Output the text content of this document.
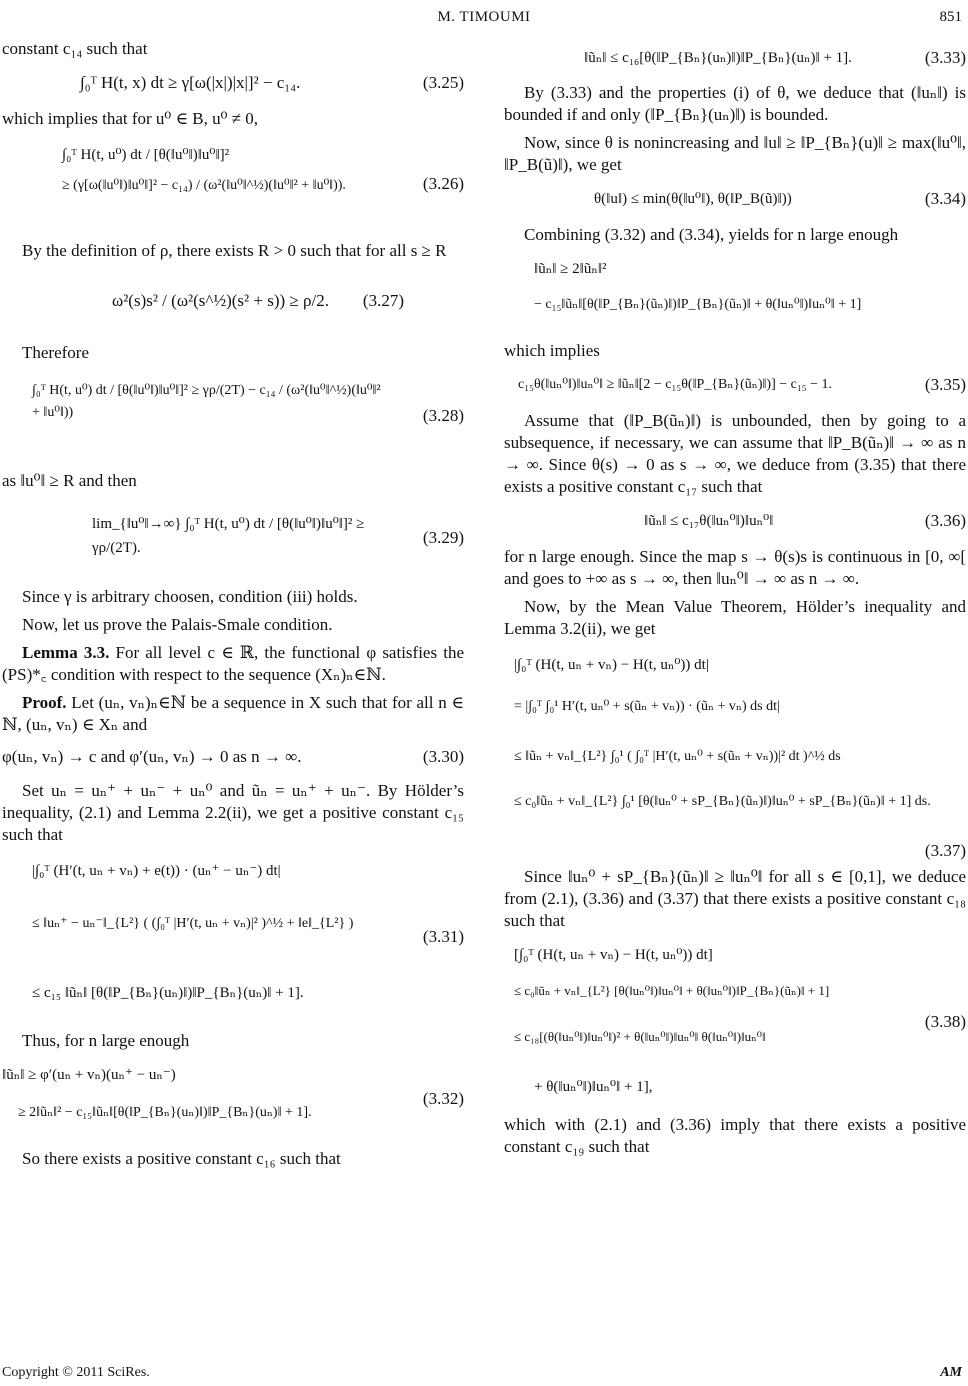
M. TIMOUMI	851

constant c₁₄ such that

∫₀ᵀ H(t, x) dt ≥ γ[ω(|x|)|x|]² − c₁₄.	(3.25)

which implies that for u⁰ ∈ B, u⁰ ≠ 0,

∫₀ᵀ H(t, u⁰) dt / [θ(‖u⁰‖)‖u⁰‖]²
≥ (γ[ω(‖u⁰‖)‖u⁰‖]² − c₁₄) / (ω²(‖u⁰‖^½)(‖u⁰‖² + ‖u⁰‖)).	(3.26)

By the definition of ρ, there exists R > 0 such that for all s ≥ R

ω²(s)s² / (ω²(s^½)(s² + s)) ≥ ρ/2.	(3.27)

Therefore

∫₀ᵀ H(t, u⁰) dt / [θ(‖u⁰‖)‖u⁰‖]² ≥ γρ/(2T) − c₁₄ / (ω²(‖u⁰‖^½)(‖u⁰‖² + ‖u⁰‖))	(3.28)

as ‖u⁰‖ ≥ R and then

lim_{‖u⁰‖→∞} ∫₀ᵀ H(t, u⁰) dt / [θ(‖u⁰‖)‖u⁰‖]² ≥ γρ/(2T).
(3.29)

Since γ is arbitrary choosen, condition (iii) holds.

Now, let us prove the Palais-Smale condition.

Lemma 3.3. For all level c ∈ ℝ, the functional φ satisfies the (PS)*꜀ condition with respect to the sequence (Xₙ)ₙ∈ℕ.

Proof. Let (uₙ, vₙ)ₙ∈ℕ be a sequence in X such that for all n ∈ ℕ, (uₙ, vₙ) ∈ Xₙ and

φ(uₙ, vₙ) → c and φ′(uₙ, vₙ) → 0 as n → ∞.	(3.30)

Set uₙ = uₙ⁺ + uₙ⁻ + uₙ⁰ and ũₙ = uₙ⁺ + uₙ⁻. By Hölder’s inequality, (2.1) and Lemma 2.2(ii), we get a positive constant c₁₅ such that

|∫₀ᵀ (H′(t, uₙ + vₙ) + e(t)) · (uₙ⁺ − uₙ⁻) dt|
≤ ‖uₙ⁺ − uₙ⁻‖_{L²} ( (∫₀ᵀ |H′(t, uₙ + vₙ)|² )^½ + ‖e‖_{L²} )
≤ c₁₅ ‖ũₙ‖ [θ(‖P_{Bₙ}(uₙ)‖)‖P_{Bₙ}(uₙ)‖ + 1].
(3.31)

Thus, for n large enough

‖ũₙ‖ ≥ φ′(uₙ + vₙ)(uₙ⁺ − uₙ⁻)
≥ 2‖ũₙ‖² − c₁₅‖ũₙ‖[θ(‖P_{Bₙ}(uₙ)‖)‖P_{Bₙ}(uₙ)‖ + 1].
(3.32)

So there exists a positive constant c₁₆ such that

‖ũₙ‖ ≤ c₁₆[θ(‖P_{Bₙ}(uₙ)‖)‖P_{Bₙ}(uₙ)‖ + 1].	(3.33)

By (3.33) and the properties (i) of θ, we deduce that (‖uₙ‖) is bounded if and only (‖P_{Bₙ}(uₙ)‖) is bounded.

Now, since θ is nonincreasing and ‖u‖ ≥ ‖P_{Bₙ}(u)‖ ≥ max(‖u⁰‖, ‖P_B(ũ)‖), we get

θ(‖u‖) ≤ min(θ(‖u⁰‖), θ(‖P_B(ũ)‖))	(3.34)

Combining (3.32) and (3.34), yields for n large enough

‖ũₙ‖ ≥ 2‖ũₙ‖²
− c₁₅‖ũₙ‖[θ(‖P_{Bₙ}(ũₙ)‖)‖P_{Bₙ}(ũₙ)‖ + θ(‖uₙ⁰‖)‖uₙ⁰‖ + 1]

which implies

c₁₅θ(‖uₙ⁰‖)‖uₙ⁰‖ ≥ ‖ũₙ‖[2 − c₁₅θ(‖P_{Bₙ}(ũₙ)‖)] − c₁₅ − 1.	(3.35)

Assume that (‖P_B(ũₙ)‖) is unbounded, then by going to a subsequence, if necessary, we can assume that ‖P_B(ũₙ)‖ → ∞ as n → ∞. Since θ(s) → 0 as s → ∞, we deduce from (3.35) that there exists a positive constant c₁₇ such that

‖ũₙ‖ ≤ c₁₇θ(‖uₙ⁰‖)‖uₙ⁰‖	(3.36)

for n large enough. Since the map s → θ(s)s is continuous in [0, ∞[ and goes to +∞ as s → ∞, then ‖uₙ⁰‖ → ∞ as n → ∞.

Now, by the Mean Value Theorem, Hölder’s inequality and Lemma 3.2(ii), we get

|∫₀ᵀ (H(t, uₙ + vₙ) − H(t, uₙ⁰)) dt|
= |∫₀ᵀ ∫₀¹ H′(t, uₙ⁰ + s(ũₙ + vₙ)) · (ũₙ + vₙ) ds dt|
≤ ‖ũₙ + vₙ‖_{L²} ∫₀¹ ( ∫₀ᵀ |H′(t, uₙ⁰ + s(ũₙ + vₙ))|² dt )^½ ds
≤ c₀‖ũₙ + vₙ‖_{L²} ∫₀¹ [θ(‖uₙ⁰ + sP_{Bₙ}(ũₙ)‖)‖uₙ⁰ + sP_{Bₙ}(ũₙ)‖ + 1] ds.
(3.37)

Since ‖uₙ⁰ + sP_{Bₙ}(ũₙ)‖ ≥ ‖uₙ⁰‖ for all s ∈ [0,1], we deduce from (2.1), (3.36) and (3.37) that there exists a positive constant c₁₈ such that

[∫₀ᵀ (H(t, uₙ + vₙ) − H(t, uₙ⁰)) dt]
≤ c₀‖ũₙ + vₙ‖_{L²} [θ(‖uₙ⁰‖)‖uₙ⁰‖ + θ(‖uₙ⁰‖)‖P_{Bₙ}(ũₙ)‖ + 1]
≤ c₁₈[(θ(‖uₙ⁰‖)‖uₙ⁰‖)² + θ(‖uₙ⁰‖)‖uₙ⁰‖ θ(‖uₙ⁰‖)‖uₙ⁰‖
+ θ(‖uₙ⁰‖)‖uₙ⁰‖ + 1],
(3.38)

which with (2.1) and (3.36) imply that there exists a positive constant c₁₉ such that

Copyright © 2011 SciRes.	AM
